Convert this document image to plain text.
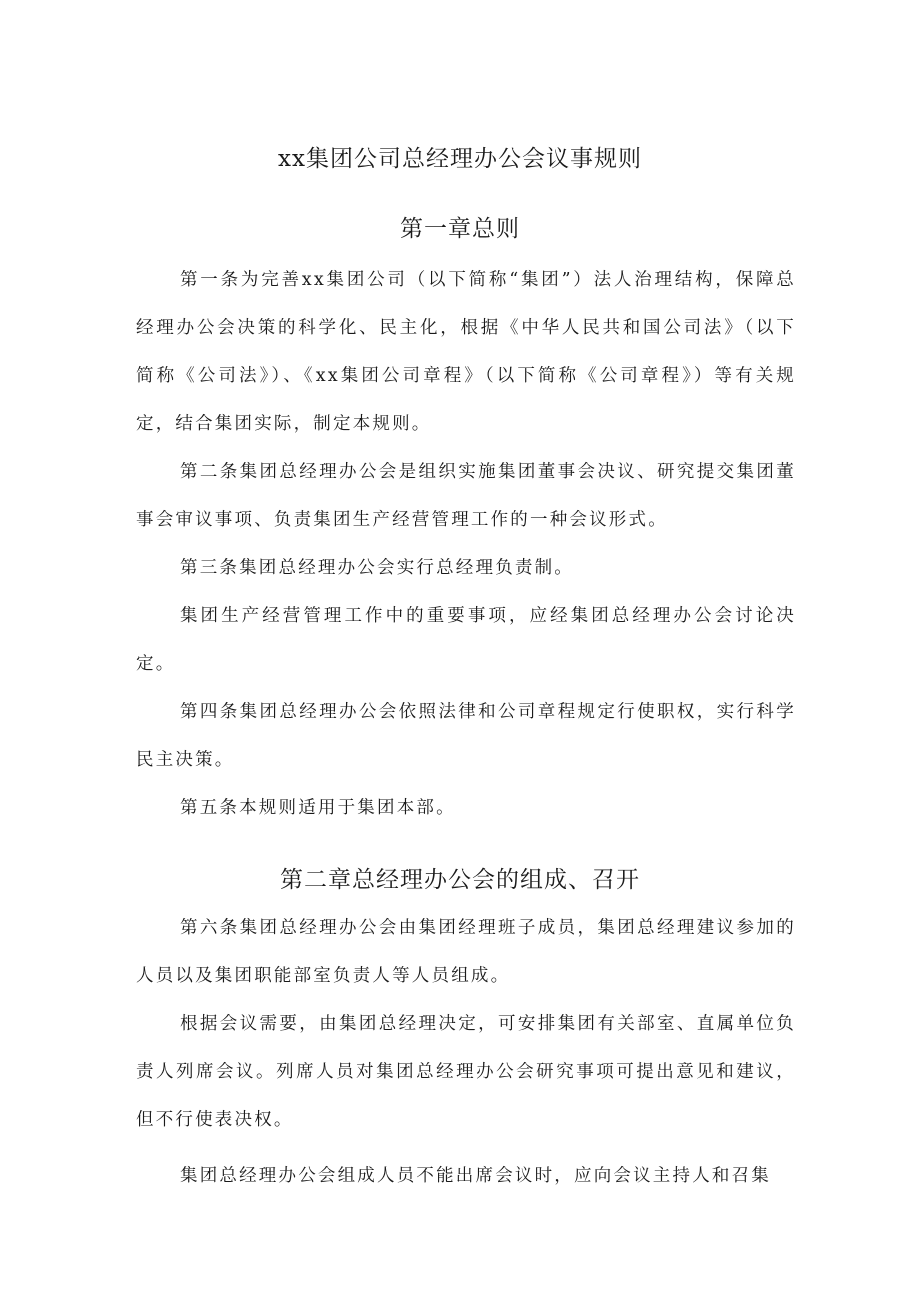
xx集团公司总经理办公会议事规则
第一章总则

第一条为完善xx集团公司（以下简称“集团”）法人治理结构，保障总经理办公会决策的科学化、民主化，根据《中华人民共和国公司法》（以下简称《公司法》）、《xx集团公司章程》（以下简称《公司章程》）等有关规定，结合集团实际，制定本规则。

第二条集团总经理办公会是组织实施集团董事会决议、研究提交集团董事会审议事项、负责集团生产经营管理工作的一种会议形式。

第三条集团总经理办公会实行总经理负责制。

集团生产经营管理工作中的重要事项，应经集团总经理办公会讨论决定。

第四条集团总经理办公会依照法律和公司章程规定行使职权，实行科学民主决策。

第五条本规则适用于集团本部。

第二章总经理办公会的组成、召开

第六条集团总经理办公会由集团经理班子成员，集团总经理建议参加的人员以及集团职能部室负责人等人员组成。

根据会议需要，由集团总经理决定，可安排集团有关部室、直属单位负责人列席会议。列席人员对集团总经理办公会研究事项可提出意见和建议，但不行使表决权。

集团总经理办公会组成人员不能出席会议时，应向会议主持人和召集
